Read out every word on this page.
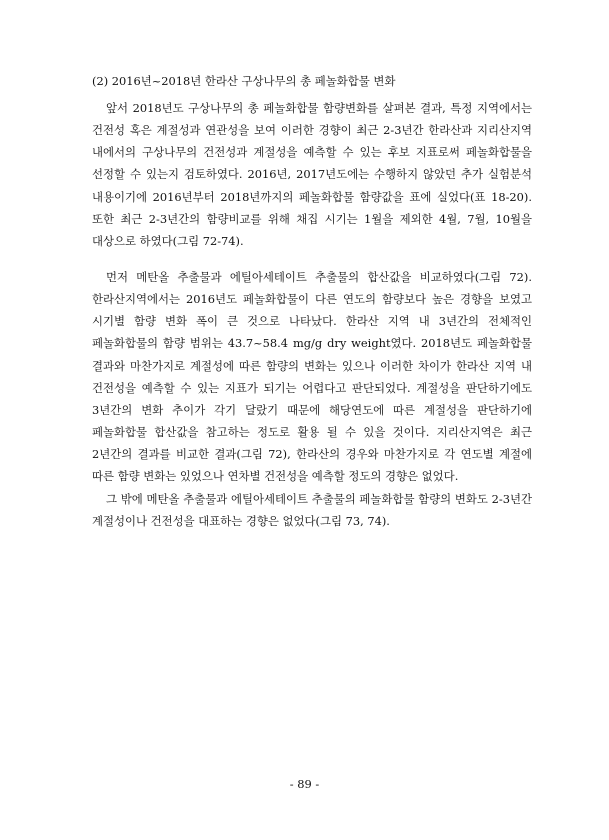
(2) 2016년~2018년 한라산 구상나무의 총 페놀화합물 변화

앞서 2018년도 구상나무의 총 페놀화합물 함량변화를 살펴본 결과, 특정 지역에서는 건전성 혹은 계절성과 연관성을 보여 이러한 경향이 최근 2-3년간 한라산과 지리산지역 내에서의 구상나무의 건전성과 계절성을 예측할 수 있는 후보 지표로써 페놀화합물을 선정할 수 있는지 검토하였다. 2016년, 2017년도에는 수행하지 않았던 추가 실험분석 내용이기에 2016년부터 2018년까지의 페놀화합물 함량값을 표에 실었다(표 18-20). 또한 최근 2-3년간의 함량비교를 위해 채집 시기는 1월을 제외한 4월, 7월, 10월을 대상으로 하였다(그림 72-74).

먼저 메탄올 추출물과 에틸아세테이트 추출물의 합산값을 비교하였다(그림 72). 한라산지역에서는 2016년도 페놀화합물이 다른 연도의 함량보다 높은 경향을 보였고 시기별 함량 변화 폭이 큰 것으로 나타났다. 한라산 지역 내 3년간의 전체적인 페놀화합물의 함량 범위는 43.7~58.4 mg/g dry weight였다. 2018년도 페놀화합물 결과와 마찬가지로 계절성에 따른 함량의 변화는 있으나 이러한 차이가 한라산 지역 내 건전성을 예측할 수 있는 지표가 되기는 어렵다고 판단되었다. 계절성을 판단하기에도 3년간의 변화 추이가 각기 달랐기 때문에 해당연도에 따른 계절성을 판단하기에 페놀화합물 합산값을 참고하는 정도로 활용 될 수 있을 것이다. 지리산지역은 최근 2년간의 결과를 비교한 결과(그림 72), 한라산의 경우와 마찬가지로 각 연도별 계절에 따른 함량 변화는 있었으나 연차별 건전성을 예측할 정도의 경향은 없었다.

그 밖에 메탄올 추출물과 에틸아세테이트 추출물의 페놀화합물 함량의 변화도 2-3년간 계절성이나 건전성을 대표하는 경향은 없었다(그림 73, 74).

- 89 -
